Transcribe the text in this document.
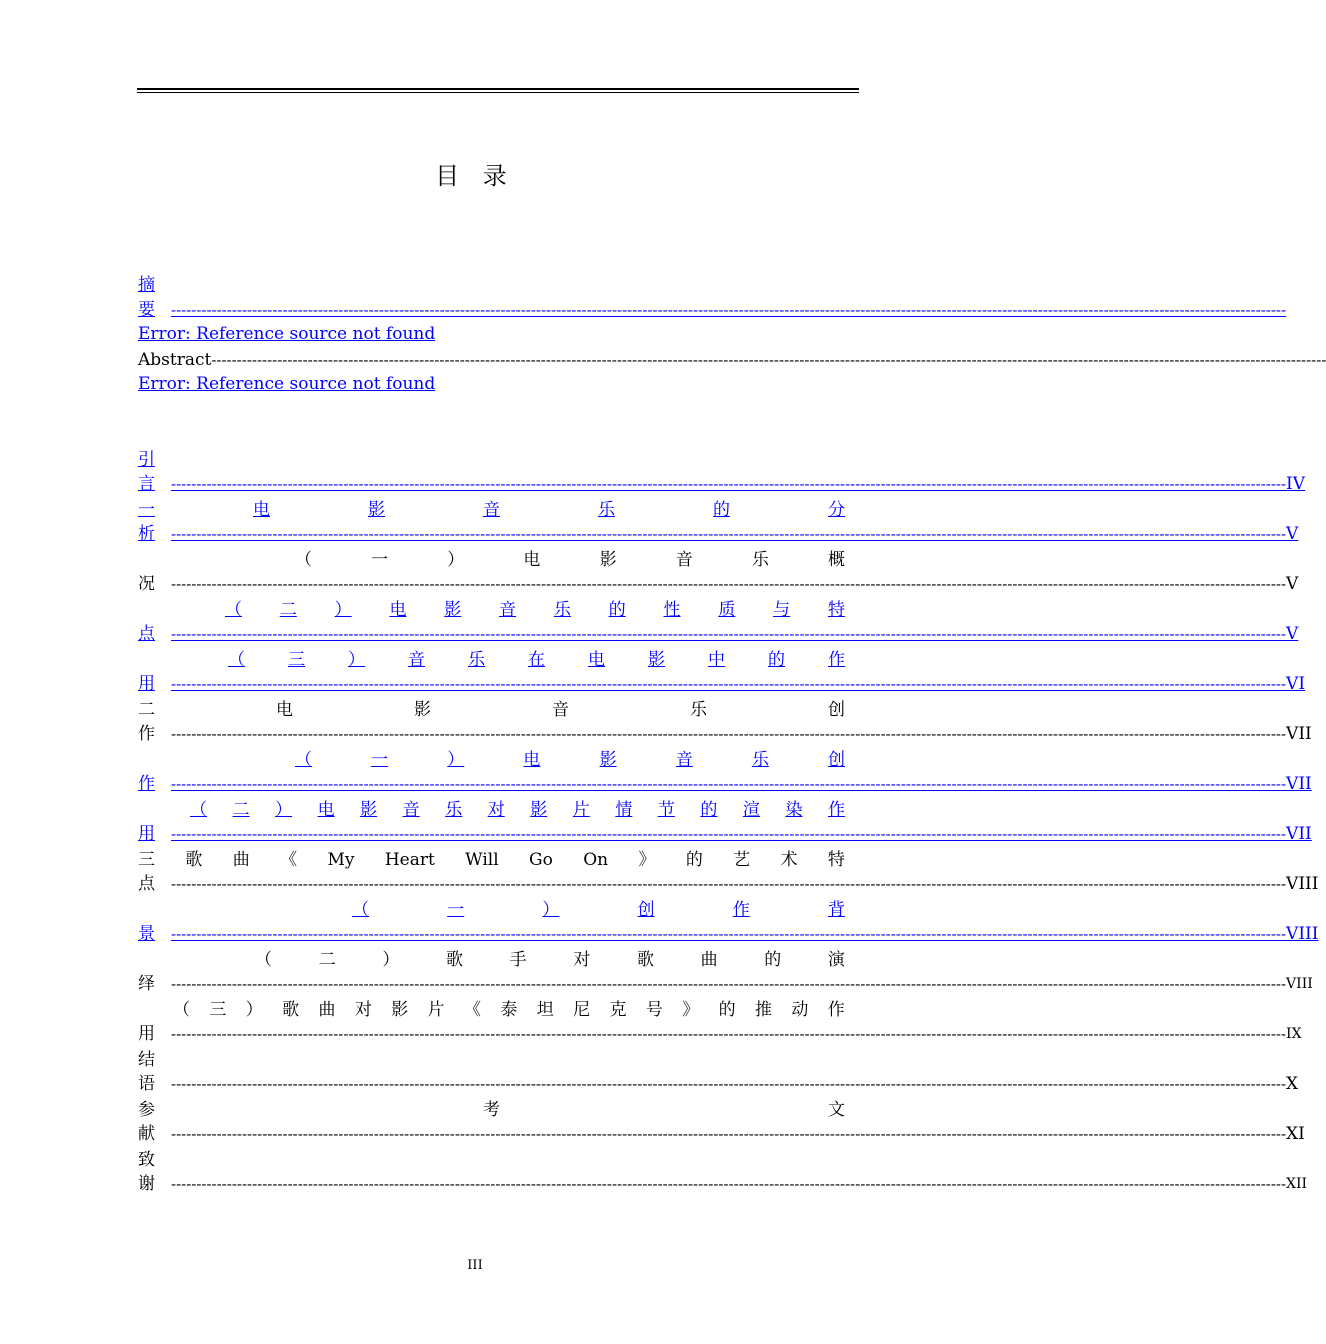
目 录
摘
要 ----------------------------------------------------------------------------------------------------------------------------------------------------------------------------------------------------------------------------
Error: Reference source not found
Abstract ----------------------------------------------------------------------------------------------------------------------------------------------------------------------------------------------------------------------------
Error: Reference source not found
引
言 ---------------------------------------------------------------------------------------------------------------------------------------------------------------------------------------------------------------------------- IV
一	电	影	音	乐	的	分
析 ---------------------------------------------------------------------------------------------------------------------------------------------------------------------------------------------------------------------------- V
（	一	）	电	影	音	乐	概
况 ---------------------------------------------------------------------------------------------------------------------------------------------------------------------------------------------------------------------------- V
（ 二 ） 电 影 音 乐 的 性 质 与 特
点 ---------------------------------------------------------------------------------------------------------------------------------------------------------------------------------------------------------------------------- V
（	三	）	音	乐	在	电	影	中	的	作
用 ---------------------------------------------------------------------------------------------------------------------------------------------------------------------------------------------------------------------------- VI
二	电	影	音	乐	创
作 ---------------------------------------------------------------------------------------------------------------------------------------------------------------------------------------------------------------------------- VII
（	一	）	电	影	音	乐	创
作 ---------------------------------------------------------------------------------------------------------------------------------------------------------------------------------------------------------------------------- VII
（ 二 ） 电 影 音 乐 对 影 片 情 节 的 渲 染 作
用 ---------------------------------------------------------------------------------------------------------------------------------------------------------------------------------------------------------------------------- VII
三 歌 曲 《 My Heart Will Go On 》 的 艺 术 特
点 ---------------------------------------------------------------------------------------------------------------------------------------------------------------------------------------------------------------------------- VIII
（	一	）	创	作	背
景 ---------------------------------------------------------------------------------------------------------------------------------------------------------------------------------------------------------------------------- VIII
（	二	）	歌	手	对	歌	曲	的	演
绎 ---------------------------------------------------------------------------------------------------------------------------------------------------------------------------------------------------------------------------- VIII
（ 三 ） 歌 曲 对 影 片 《 泰 坦 尼 克 号 》 的 推 动 作
用 ---------------------------------------------------------------------------------------------------------------------------------------------------------------------------------------------------------------------------- IX
结
语 ---------------------------------------------------------------------------------------------------------------------------------------------------------------------------------------------------------------------------- X
参	考	文
献 ---------------------------------------------------------------------------------------------------------------------------------------------------------------------------------------------------------------------------- XI
致
谢 ---------------------------------------------------------------------------------------------------------------------------------------------------------------------------------------------------------------------------- XII
III
